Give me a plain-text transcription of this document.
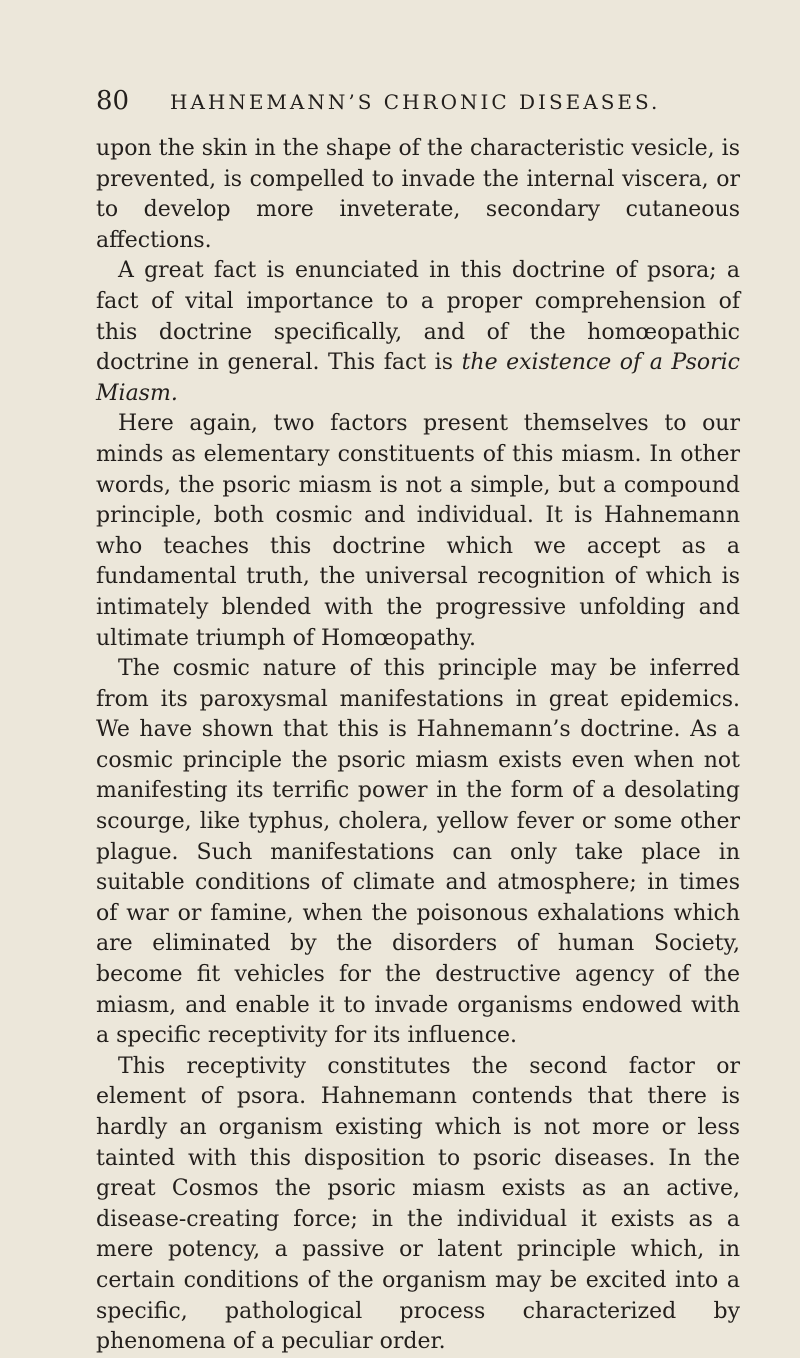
80	HAHNEMANN’S CHRONIC DISEASES.

upon the skin in the shape of the characteristic vesicle, is prevented, is compelled to invade the internal viscera, or to develop more inveterate, secondary cutaneous affections.

A great fact is enunciated in this doctrine of psora; a fact of vital importance to a proper comprehension of this doctrine specifically, and of the homœopathic doctrine in general. This fact is the existence of a Psoric Miasm.

Here again, two factors present themselves to our minds as elementary constituents of this miasm. In other words, the psoric miasm is not a simple, but a compound principle, both cosmic and individual. It is Hahnemann who teaches this doctrine which we accept as a fundamental truth, the universal recognition of which is intimately blended with the progressive unfolding and ultimate triumph of Homœopathy.

The cosmic nature of this principle may be inferred from its paroxysmal manifestations in great epidemics. We have shown that this is Hahnemann’s doctrine. As a cosmic principle the psoric miasm exists even when not manifesting its terrific power in the form of a desolating scourge, like typhus, cholera, yellow fever or some other plague. Such manifestations can only take place in suitable conditions of climate and atmosphere; in times of war or famine, when the poisonous exhalations which are eliminated by the disorders of human Society, become fit vehicles for the destructive agency of the miasm, and enable it to invade organisms endowed with a specific receptivity for its influence.

This receptivity constitutes the second factor or element of psora. Hahnemann contends that there is hardly an organism existing which is not more or less tainted with this disposition to psoric diseases. In the great Cosmos the psoric miasm exists as an active, disease-creating force; in the individual it exists as a mere potency, a passive or latent principle which, in certain conditions of the organism may be excited into a specific, pathological process characterized by phenomena of a peculiar order.
